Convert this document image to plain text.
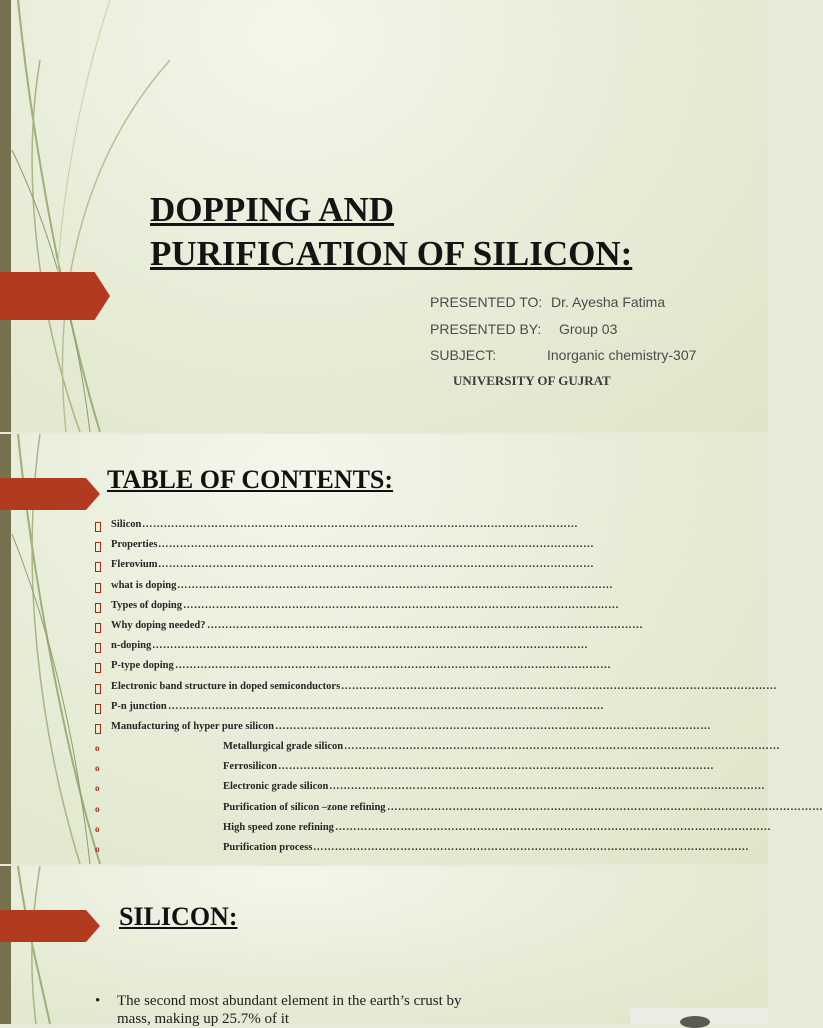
DOPPING AND
PURIFICATION OF SILICON:
PRESENTED TO: Dr. Ayesha Fatima
PRESENTED BY: Group 03
SUBJECT:	Inorganic chemistry-307
UNIVERSITY OF GUJRAT
TABLE OF CONTENTS:
Silicon …………………………………………………………………………………………………………
Properties …………………………………………………………………………………………………………
Flerovium …………………………………………………………………………………………………………
what is doping …………………………………………………………………………………………………………
Types of doping …………………………………………………………………………………………………………
Why doping needed? …………………………………………………………………………………………………………
n-doping …………………………………………………………………………………………………………
P-type doping …………………………………………………………………………………………………………
Electronic band structure in doped semiconductors …………………………………………………………………………………………………………
P-n junction …………………………………………………………………………………………………………
Manufacturing of hyper pure silicon …………………………………………………………………………………………………………
o	Metallurgical grade silicon …………………………………………………………………………………………………………
o	Ferrosilicon …………………………………………………………………………………………………………
o	Electronic grade silicon …………………………………………………………………………………………………………
o	Purification of silicon –zone refining …………………………………………………………………………………………………………
o	High speed zone refining …………………………………………………………………………………………………………
o	Purification process …………………………………………………………………………………………………………
SILICON:
• The second most abundant element in the earth’s crust by mass, making up 25.7% of it
